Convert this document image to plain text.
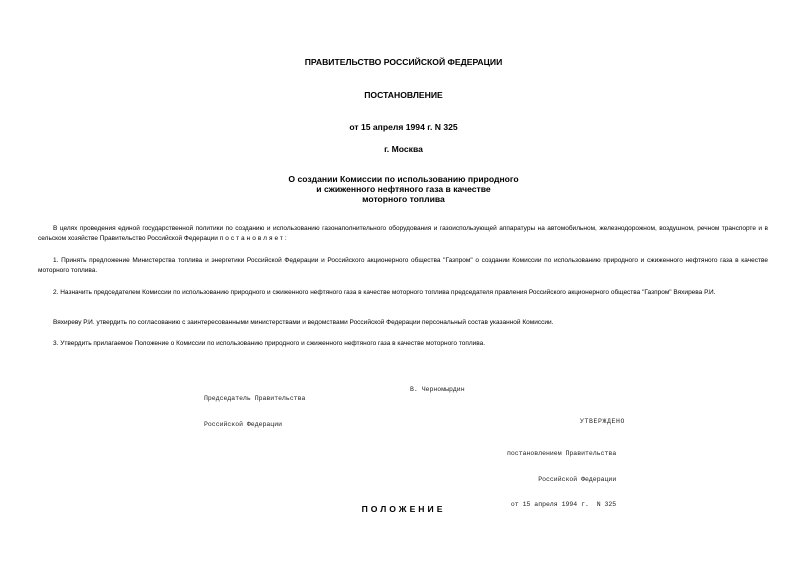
ПРАВИТЕЛЬСТВО РОССИЙСКОЙ ФЕДЕРАЦИИ
ПОСТАНОВЛЕНИЕ
от 15 апреля 1994 г. N 325
г. Москва
О создании Комиссии по использованию природного
и сжиженного нефтяного газа в качестве
моторного топлива
В целях проведения единой государственной политики по созданию и использованию газонаполнительного оборудования и газоиспользующей аппаратуры на автомобильном, железнодорожном, воздушном, речном транспорте и в сельском хозяйстве Правительство Российской Федерации постановляет:
1. Принять предложение Министерства топлива и энергетики Российской Федерации и Российского акционерного общества "Газпром" о создании Комиссии по использованию природного и сжиженного нефтяного газа в качестве моторного топлива.
2. Назначить председателем Комиссии по использованию природного и сжиженного нефтяного газа в качестве моторного топлива председателя правления Российского акционерного общества "Газпром" Вяхирева Р.И.
Вяхиреву Р.И. утвердить по согласованию с заинтересованными министерствами и ведомствами Российской Федерации персональный состав указанной Комиссии.
3. Утвердить прилагаемое Положение о Комиссии по использованию природного и сжиженного нефтяного газа в качестве моторного топлива.

Председатель Правительства

Российской Федерации

В. Черномырдин
УТВЕРЖДЕНО

постановлением Правительства

Российской Федерации

от 15 апреля 1994 г.  N 325

ПОЛОЖЕНИЕ
